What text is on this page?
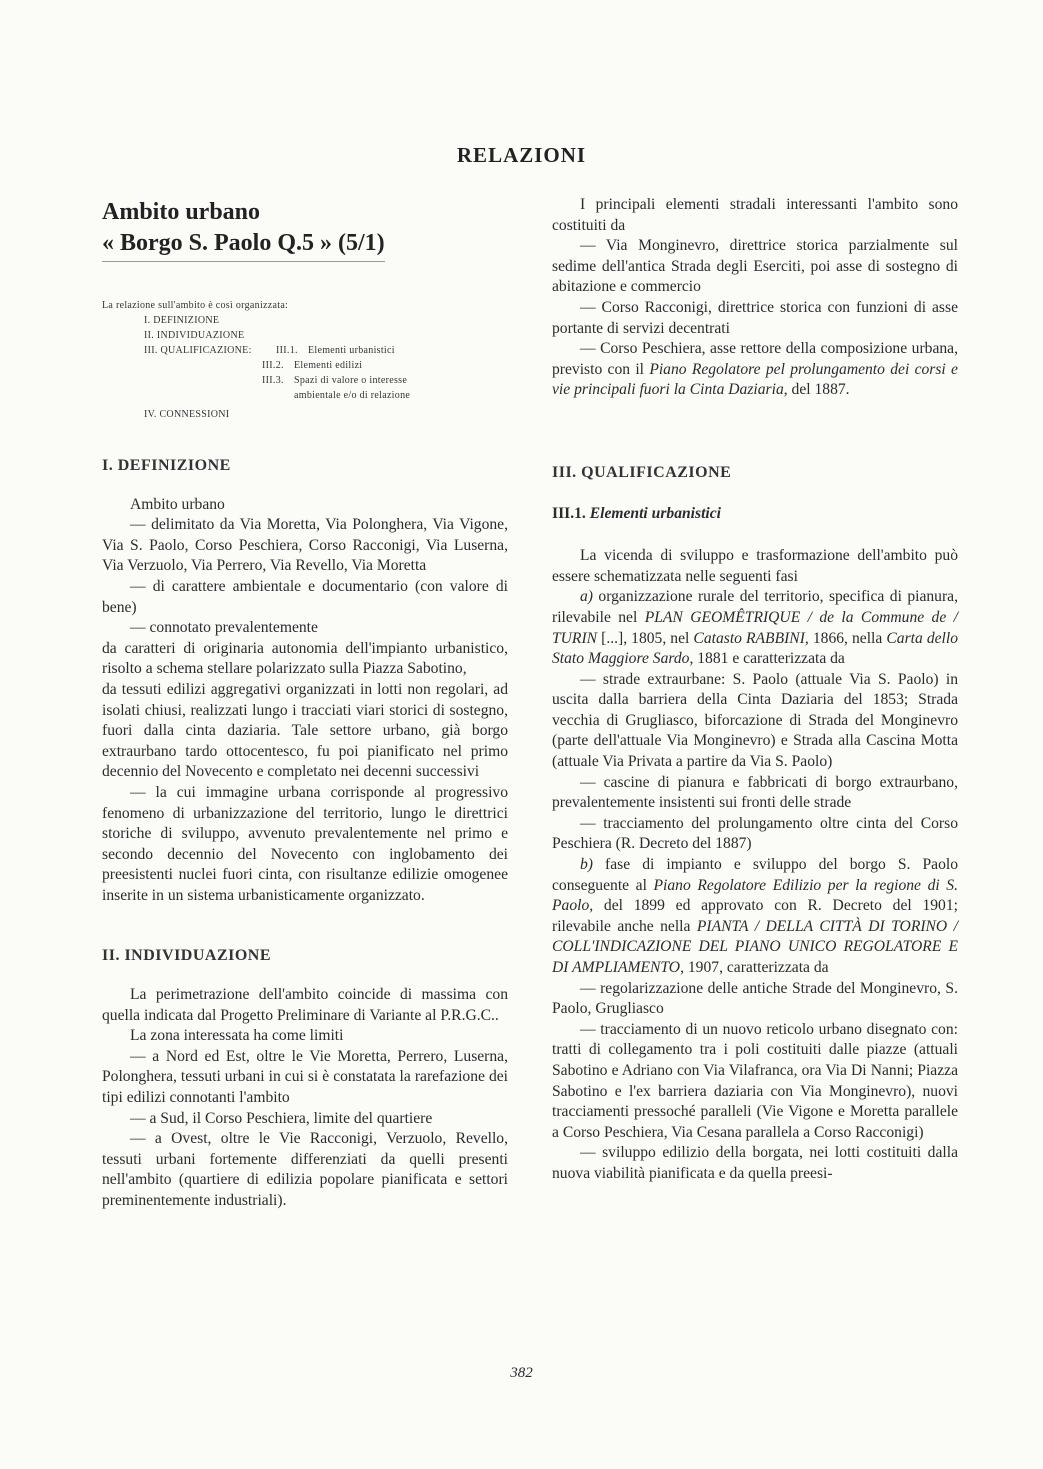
RELAZIONI
Ambito urbano
« Borgo S. Paolo Q.5 » (5/1)
La relazione sull'ambito è così organizzata:
I. DEFINIZIONE
II. INDIVIDUAZIONE
III. QUALIFICAZIONE:	III.1.	Elementi urbanistici
III.2.	Elementi edilizi
III.3.	Spazi di valore o interesse ambientale e/o di relazione
IV. CONNESSIONI
I. DEFINIZIONE

Ambito urbano

— delimitato da Via Moretta, Via Polonghera, Via Vigone, Via S. Paolo, Corso Peschiera, Corso Racconigi, Via Luserna, Via Verzuolo, Via Perrero, Via Revello, Via Moretta

— di carattere ambientale e documentario (con valore di bene)

— connotato prevalentemente

da caratteri di originaria autonomia dell'impianto urbanistico, risolto a schema stellare polarizzato sulla Piazza Sabotino,

da tessuti edilizi aggregativi organizzati in lotti non regolari, ad isolati chiusi, realizzati lungo i tracciati viari storici di sostegno, fuori dalla cinta daziaria. Tale settore urbano, già borgo extraurbano tardo ottocentesco, fu poi pianificato nel primo decennio del Novecento e completato nei decenni successivi

— la cui immagine urbana corrisponde al progressivo fenomeno di urbanizzazione del territorio, lungo le direttrici storiche di sviluppo, avvenuto prevalentemente nel primo e secondo decennio del Novecento con inglobamento dei preesistenti nuclei fuori cinta, con risultanze edilizie omogenee inserite in un sistema urbanisticamente organizzato.

II. INDIVIDUAZIONE

La perimetrazione dell'ambito coincide di massima con quella indicata dal Progetto Preliminare di Variante al P.R.G.C..

La zona interessata ha come limiti

— a Nord ed Est, oltre le Vie Moretta, Perrero, Luserna, Polonghera, tessuti urbani in cui si è constatata la rarefazione dei tipi edilizi connotanti l'ambito

— a Sud, il Corso Peschiera, limite del quartiere

— a Ovest, oltre le Vie Racconigi, Verzuolo, Revello, tessuti urbani fortemente differenziati da quelli presenti nell'ambito (quartiere di edilizia popolare pianificata e settori preminentemente industriali).

I principali elementi stradali interessanti l'ambito sono costituiti da

— Via Monginevro, direttrice storica parzialmente sul sedime dell'antica Strada degli Eserciti, poi asse di sostegno di abitazione e commercio

— Corso Racconigi, direttrice storica con funzioni di asse portante di servizi decentrati

— Corso Peschiera, asse rettore della composizione urbana, previsto con il Piano Regolatore pel prolungamento dei corsi e vie principali fuori la Cinta Daziaria, del 1887.

III. QUALIFICAZIONE
III.1. Elementi urbanistici

La vicenda di sviluppo e trasformazione dell'ambito può essere schematizzata nelle seguenti fasi

a) organizzazione rurale del territorio, specifica di pianura, rilevabile nel PLAN GEOMÊTRIQUE / de la Commune de / TURIN [...], 1805, nel Catasto RABBINI, 1866, nella Carta dello Stato Maggiore Sardo, 1881 e caratterizzata da

— strade extraurbane: S. Paolo (attuale Via S. Paolo) in uscita dalla barriera della Cinta Daziaria del 1853; Strada vecchia di Grugliasco, biforcazione di Strada del Monginevro (parte dell'attuale Via Monginevro) e Strada alla Cascina Motta (attuale Via Privata a partire da Via S. Paolo)

— cascine di pianura e fabbricati di borgo extraurbano, prevalentemente insistenti sui fronti delle strade

— tracciamento del prolungamento oltre cinta del Corso Peschiera (R. Decreto del 1887)

b) fase di impianto e sviluppo del borgo S. Paolo conseguente al Piano Regolatore Edilizio per la regione di S. Paolo, del 1899 ed approvato con R. Decreto del 1901; rilevabile anche nella PIANTA / DELLA CITTÀ DI TORINO / COLL'INDICAZIONE DEL PIANO UNICO REGOLATORE E DI AMPLIAMENTO, 1907, caratterizzata da

— regolarizzazione delle antiche Strade del Monginevro, S. Paolo, Grugliasco

— tracciamento di un nuovo reticolo urbano disegnato con: tratti di collegamento tra i poli costituiti dalle piazze (attuali Sabotino e Adriano con Via Vilafranca, ora Via Di Nanni; Piazza Sabotino e l'ex barriera daziaria con Via Monginevro), nuovi tracciamenti pressoché paralleli (Vie Vigone e Moretta parallele a Corso Peschiera, Via Cesana parallela a Corso Racconigi)

— sviluppo edilizio della borgata, nei lotti costituiti dalla nuova viabilità pianificata e da quella preesi-

382
